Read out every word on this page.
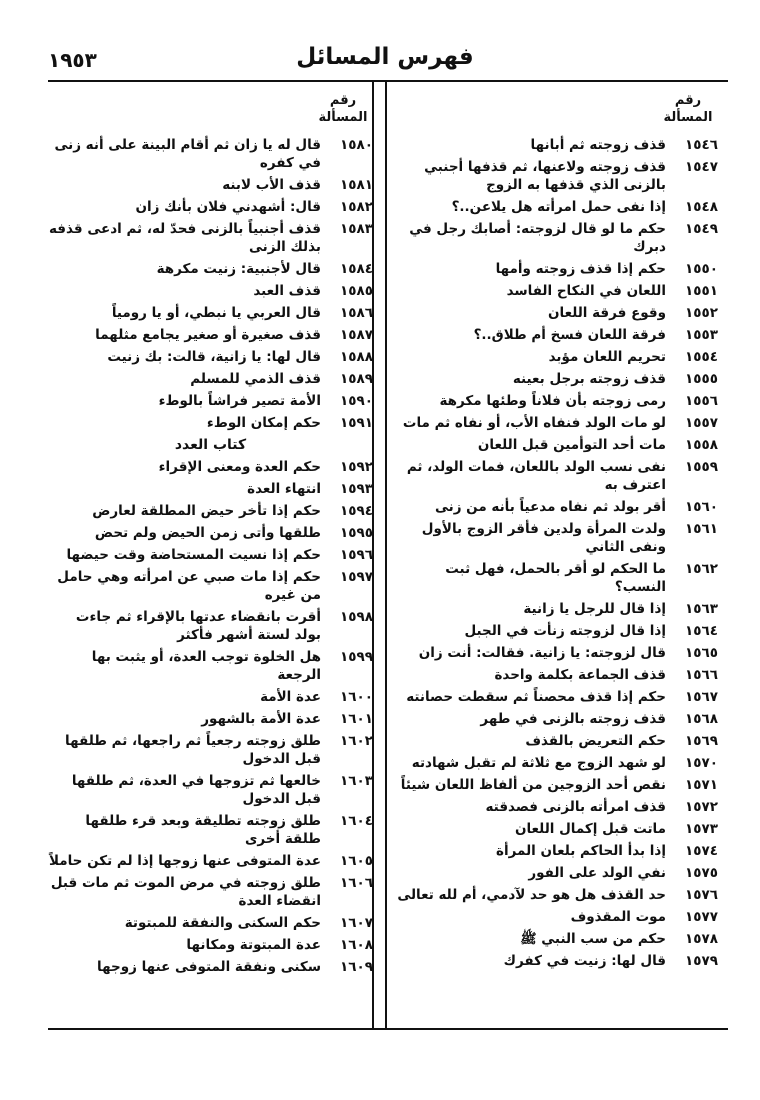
١٩٥٣	فهرس المسائل
رقم المسألة
١٥٤٦
قذف زوجته ثم أبانها
١٥٤٧
قذف زوجته ولاعنها، ثم قذفها أجنبي بالزنى الذي قذفها به الزوج
١٥٤٨
إذا نفى حمل امرأته هل يلاعن..؟
١٥٤٩
حكم ما لو قال لزوجته: أصابك رجل في دبرك
١٥٥٠
حكم إذا قذف زوجته وأمها
١٥٥١
اللعان في النكاح الفاسد
١٥٥٢
وقوع فرقة اللعان
١٥٥٣
فرقة اللعان فسخ أم طلاق..؟
١٥٥٤
تحريم اللعان مؤبد
١٥٥٥
قذف زوجته برجل بعينه
١٥٥٦
رمى زوجته بأن فلاناً وطئها مكرهة
١٥٥٧
لو مات الولد فنفاه الأب، أو نفاه ثم مات
١٥٥٨
مات أحد التوأمين قبل اللعان
١٥٥٩
نفى نسب الولد باللعان، فمات الولد، ثم اعترف به
١٥٦٠
أقر بولد ثم نفاه مدعياً بأنه من زنى
١٥٦١
ولدت المرأة ولدين فأقر الزوج بالأول ونفى الثاني
١٥٦٢
ما الحكم لو أقر بالحمل، فهل ثبت النسب؟
١٥٦٣
إذا قال للرجل يا زانية
١٥٦٤
إذا قال لزوجته زنأت في الجبل
١٥٦٥
قال لزوجته: يا زانية. فقالت: أنت زان
١٥٦٦
قذف الجماعة بكلمة واحدة
١٥٦٧
حكم إذا قذف محصناً ثم سقطت حصانته
١٥٦٨
قذف زوجته بالزنى في طهر
١٥٦٩
حكم التعريض بالقذف
١٥٧٠
لو شهد الزوج مع ثلاثة لم تقبل شهادته
١٥٧١
نقص أحد الزوجين من ألفاظ اللعان شيئاً
١٥٧٢
قذف امرأته بالزنى فصدقته
١٥٧٣
ماتت قبل إكمال اللعان
١٥٧٤
إذا بدأ الحاكم بلعان المرأة
١٥٧٥
نفي الولد على الفور
١٥٧٦
حد القذف هل هو حد لآدمي، أم لله تعالى
١٥٧٧
موت المقذوف
١٥٧٨
حكم من سب النبي ﷺ
١٥٧٩
قال لها: زنيت في كفرك
رقم المسألة
١٥٨٠
قال له يا زان ثم أقام البينة على أنه زنى في كفره
١٥٨١
قذف الأب لابنه
١٥٨٢
قال: أشهدني فلان بأنك زان
١٥٨٣
قذف أجنبياً بالزنى فحدّ له، ثم ادعى قذفه بذلك الزنى
١٥٨٤
قال لأجنبية: زنيت مكرهة
١٥٨٥
قذف العبد
١٥٨٦
قال العربي يا نبطي، أو يا رومياً
١٥٨٧
قذف صغيرة أو صغير يجامع مثلهما
١٥٨٨
قال لها: يا زانية، قالت: بك زنيت
١٥٨٩
قذف الذمي للمسلم
١٥٩٠
الأمة تصير فراشاً بالوطء
١٥٩١
حكم إمكان الوطء
كتاب العدد
١٥٩٢
حكم العدة ومعنى الإقراء
١٥٩٣
انتهاء العدة
١٥٩٤
حكم إذا تأخر حيض المطلقة لعارض
١٥٩٥
طلقها وأتى زمن الحيض ولم تحض
١٥٩٦
حكم إذا نسيت المستحاضة وقت حيضها
١٥٩٧
حكم إذا مات صبي عن امرأته وهي حامل من غيره
١٥٩٨
أقرت بانقضاء عدتها بالإقراء ثم جاءت بولد لستة أشهر فأكثر
١٥٩٩
هل الخلوة توجب العدة، أو يثبت بها الرجعة
١٦٠٠
عدة الأمة
١٦٠١
عدة الأمة بالشهور
١٦٠٢
طلق زوجته رجعياً ثم راجعها، ثم طلقها قبل الدخول
١٦٠٣
خالعها ثم تزوجها في العدة، ثم طلقها قبل الدخول
١٦٠٤
طلق زوجته تطليقة وبعد قرء طلقها طلقة أخرى
١٦٠٥
عدة المتوفى عنها زوجها إذا لم تكن حاملاً
١٦٠٦
طلق زوجته في مرض الموت ثم مات قبل انقضاء العدة
١٦٠٧
حكم السكنى والنفقة للمبتوتة
١٦٠٨
عدة المبتوتة ومكانها
١٦٠٩
سكنى ونفقة المتوفى عنها زوجها
